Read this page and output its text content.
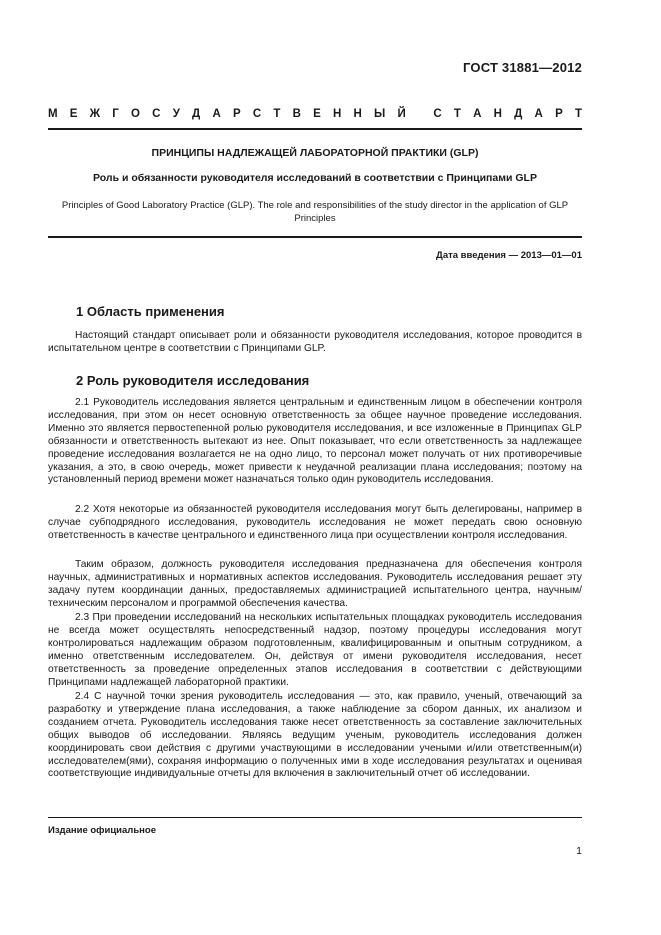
ГОСТ 31881—2012
М Е Ж Г О С У Д А Р С Т В Е Н Н Ы Й
С Т А Н Д А Р Т
ПРИНЦИПЫ НАДЛЕЖАЩЕЙ ЛАБОРАТОРНОЙ ПРАКТИКИ (GLP)
Роль и обязанности руководителя исследований в соответствии с Принципами GLP
Principles of Good Laboratory Practice (GLP). The role and responsibilities of the study director in the application of GLP Principles
Дата введения — 2013—01—01
1 Область применения
Настоящий стандарт описывает роли и обязанности руководителя исследования, которое проводится в испытательном центре в соответствии с Принципами GLP.
2 Роль руководителя исследования
2.1 Руководитель исследования является центральным и единственным лицом в обеспечении контроля исследования, при этом он несет основную ответственность за общее научное проведение исследования. Именно это является первостепенной ролью руководителя исследования, и все изложенные в Принципах GLP обязанности и ответственность вытекают из нее. Опыт показывает, что если ответственность за надлежащее проведение исследования возлагается не на одно лицо, то персонал может получать от них противоречивые указания, а это, в свою очередь, может привести к неудачной реализации плана исследования; поэтому на установленный период времени может назначаться только один руководитель исследования.
2.2 Хотя некоторые из обязанностей руководителя исследования могут быть делегированы, например в случае субподрядного исследования, руководитель исследования не может передать свою основную ответственность в качестве центрального и единственного лица при осуществлении контроля исследования.
Таким образом, должность руководителя исследования предназначена для обеспечения контроля научных, административных и нормативных аспектов исследования. Руководитель исследования решает эту задачу путем координации данных, предоставляемых администрацией испытательного центра, научным/техническим персоналом и программой обеспечения качества.
2.3 При проведении исследований на нескольких испытательных площадках руководитель исследования не всегда может осуществлять непосредственный надзор, поэтому процедуры исследования могут контролироваться надлежащим образом подготовленным, квалифицированным и опытным сотрудником, а именно ответственным исследователем. Он, действуя от имени руководителя исследования, несет ответственность за проведение определенных этапов исследования в соответствии с действующими Принципами надлежащей лабораторной практики.
2.4 С научной точки зрения руководитель исследования — это, как правило, ученый, отвечающий за разработку и утверждение плана исследования, а также наблюдение за сбором данных, их анализом и созданием отчета. Руководитель исследования также несет ответственность за составление заключительных общих выводов об исследовании. Являясь ведущим ученым, руководитель исследования должен координировать свои действия с другими участвующими в исследовании учеными и/или ответственным(и) исследователем(ями), сохраняя информацию о полученных ими в ходе исследования результатах и оценивая соответствующие индивидуальные отчеты для включения в заключительный отчет об исследовании.
Издание официальное
1
